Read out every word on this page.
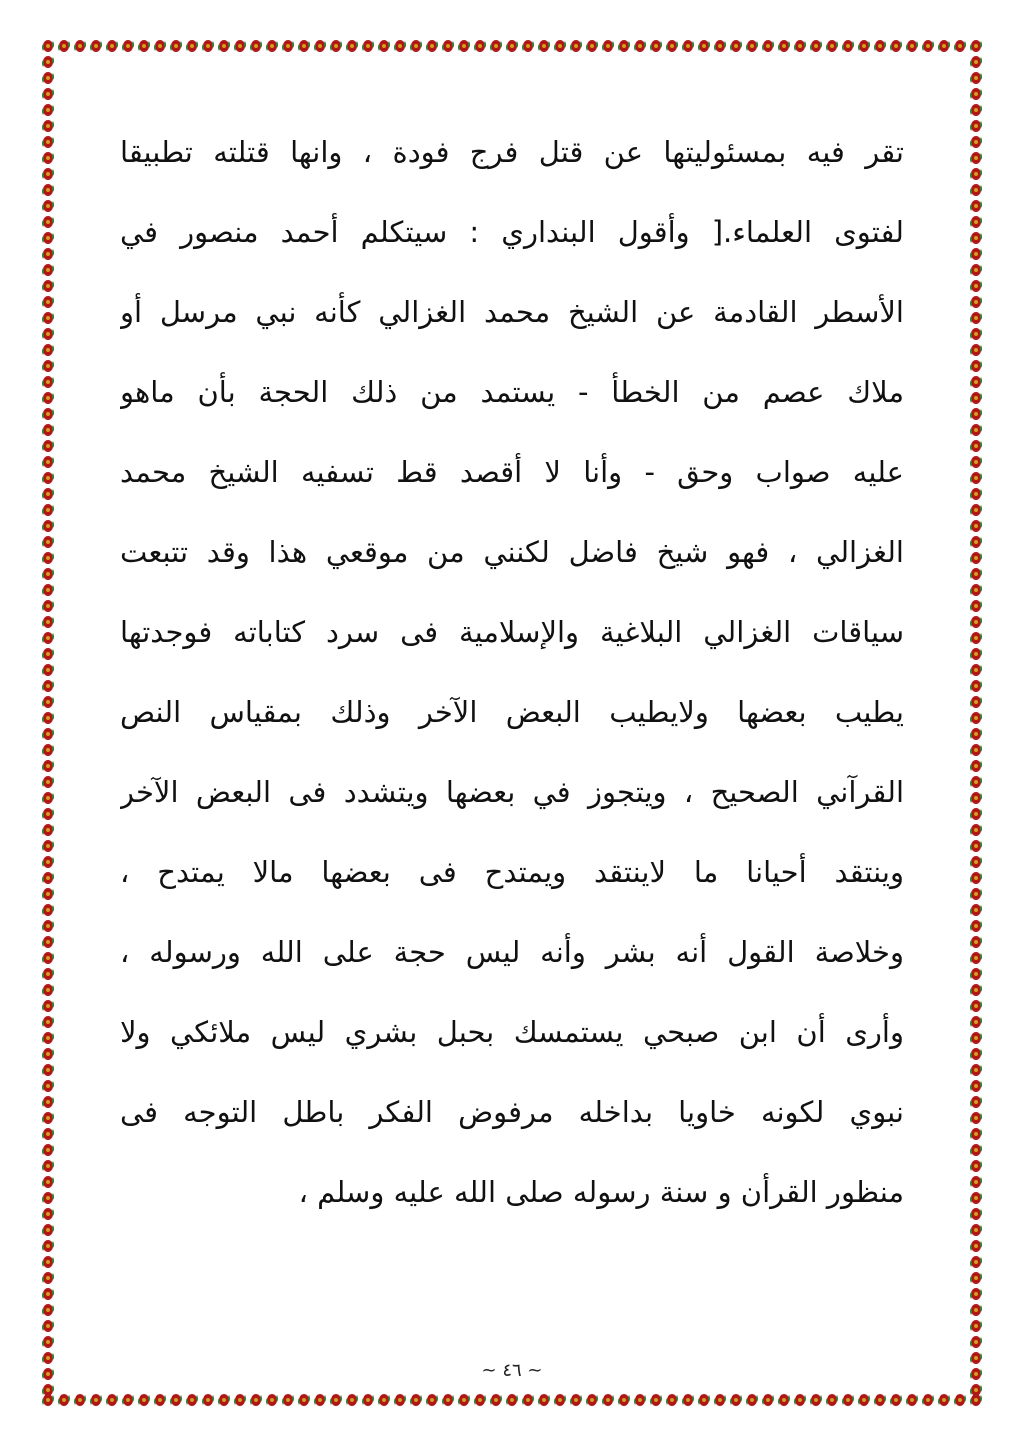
تقر فيه بمسئوليتها عن قتل فرج فودة ، وانها قتلته تطبيقا
لفتوى العلماء.[ وأقول البنداري : سيتكلم أحمد منصور في
الأسطر القادمة عن الشيخ محمد الغزالي كأنه نبي مرسل أو
ملاك عصم من الخطأ - يستمد من ذلك الحجة بأن ماهو
عليه صواب وحق - وأنا لا أقصد قط تسفيه الشيخ محمد
الغزالي ، فهو شيخ فاضل لكنني من موقعي هذا وقد تتبعت
سياقات الغزالي البلاغية والإسلامية فى سرد كتاباته فوجدتها
يطيب بعضها ولايطيب البعض الآخر وذلك بمقياس النص
القرآني الصحيح ، ويتجوز في بعضها ويتشدد فى البعض الآخر
وينتقد أحيانا ما لاينتقد ويمتدح فى بعضها مالا يمتدح ،
وخلاصة القول أنه بشر وأنه ليس حجة على الله ورسوله ،
وأرى أن ابن صبحي يستمسك بحبل بشري ليس ملائكي ولا
نبوي لكونه خاويا بداخله مرفوض الفكر باطل التوجه فى
منظور القرأن و سنة رسوله صلى الله عليه وسلم ،
~ ٤٦ ~
